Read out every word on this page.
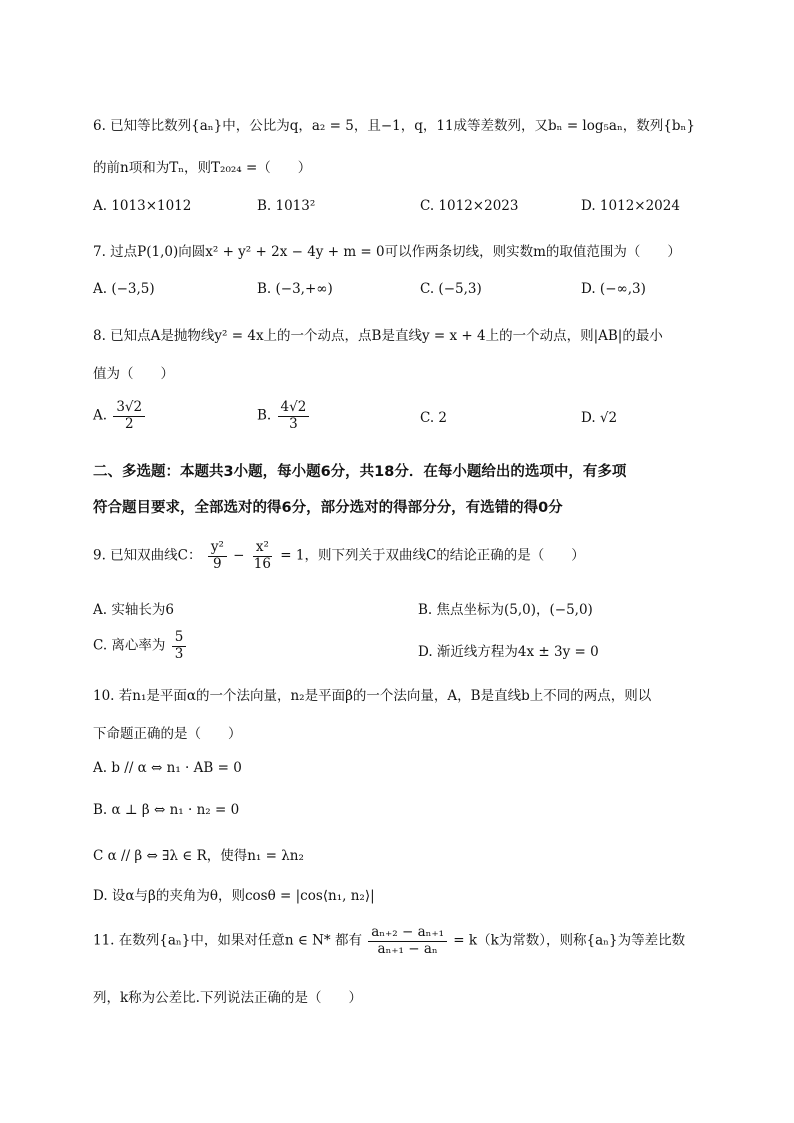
6. 已知等比数列{aₙ}中，公比为q，a₂ = 5，且−1，q，11成等差数列，又bₙ = log₅aₙ，数列{bₙ}
的前n项和为Tₙ，则T₂₀₂₄ =（　　）
A. 1013×1012	B. 1013²	C. 1012×2023	D. 1012×2024
7. 过点P(1,0)向圆x² + y² + 2x − 4y + m = 0可以作两条切线，则实数m的取值范围为（　　）
A. (−3,5)	B. (−3,+∞)	C. (−5,3)	D. (−∞,3)
8. 已知点A是抛物线y² = 4x上的一个动点，点B是直线y = x + 4上的一个动点，则|AB|的最小
值为（　　）
A. $\frac{3√2}{2}$	B. $\frac{4√2}{3}$	C. 2	D. √2
二、多选题：本题共3小题，每小题6分，共18分．在每小题给出的选项中，有多项
符合题目要求，全部选对的得6分，部分选对的得部分分，有选错的得0分
9. 已知双曲线C： $\frac{\text{y²}}{9} - \frac{\text{x²}}{16} = 1$，则下列关于双曲线C的结论正确的是（　　）
A. 实轴长为6	B. 焦点坐标为(5,0)，(−5,0)
C. 离心率为 $\frac{5}{3}$	D. 渐近线方程为4x ± 3y = 0
10. 若n₁是平面α的一个法向量，n₂是平面β的一个法向量，A，B是直线b上不同的两点，则以
下命题正确的是（　　）
A. b // α ⇔ n₁ · AB = 0
B. α ⊥ β ⇔ n₁ · n₂ = 0
C α // β ⇔ ∃λ ∈ R，使得n₁ = λn₂
D. 设α与β的夹角为θ，则cosθ = |cos⟨n₁, n₂⟩|
11. 在数列{aₙ}中，如果对任意n ∈ N* 都有 $\frac{\text{aₙ₊₂ − aₙ₊₁}}{\text{aₙ₊₁ − aₙ}} = k(k$为常数），则称{aₙ}为等差比数
列，k称为公差比.下列说法正确的是（　　）
